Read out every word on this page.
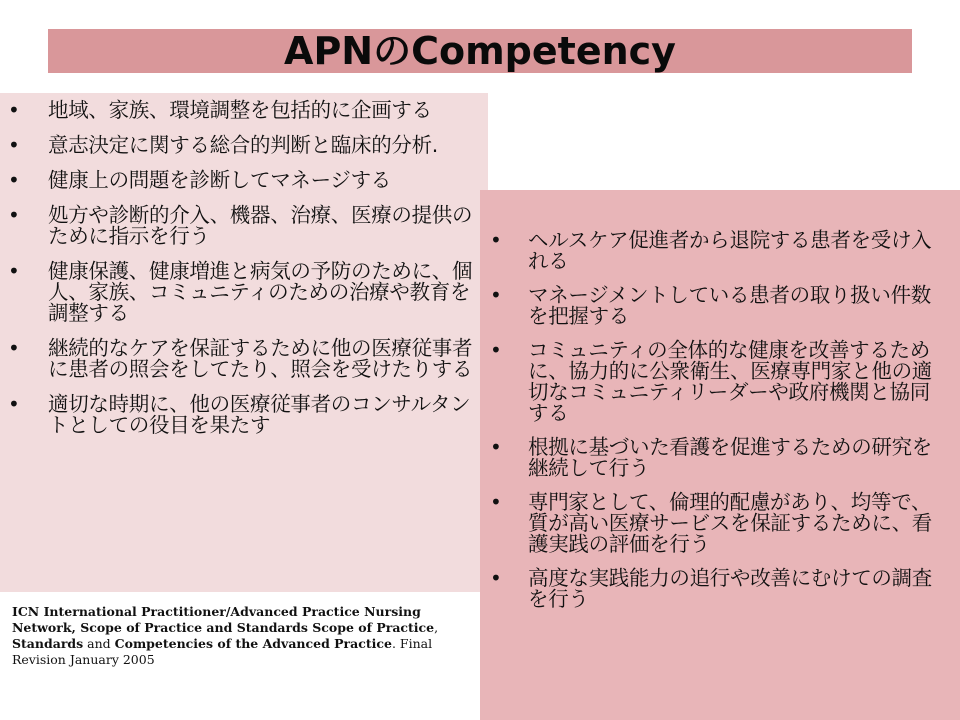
APNのCompetency
• 地域、家族、環境調整を包括的に企画する
• 意志決定に関する総合的判断と臨床的分析.
• 健康上の問題を診断してマネージする
• 処方や診断的介入、機器、治療、医療の提供のために指示を行う
• 健康保護、健康増進と病気の予防のために、個人、家族、コミュニティのための治療や教育を調整する
• 継続的なケアを保証するために他の医療従事者に患者の照会をしてたり、照会を受けたりする
• 適切な時期に、他の医療従事者のコンサルタントとしての役目を果たす
• ヘルスケア促進者から退院する患者を受け入れる
• マネージメントしている患者の取り扱い件数を把握する
• コミュニティの全体的な健康を改善するために、協力的に公衆衛生、医療専門家と他の適切なコミュニティリーダーや政府機関と協同する
• 根拠に基づいた看護を促進するための研究を継続して行う
• 専門家として、倫理的配慮があり、均等で、質が高い医療サービスを保証するために、看護実践の評価を行う
• 高度な実践能力の追行や改善にむけての調査を行う
ICN International Practitioner/Advanced Practice Nursing Network, Scope of Practice and Standards Scope of Practice, Standards and Competencies of the Advanced Practice. Final Revision January 2005
